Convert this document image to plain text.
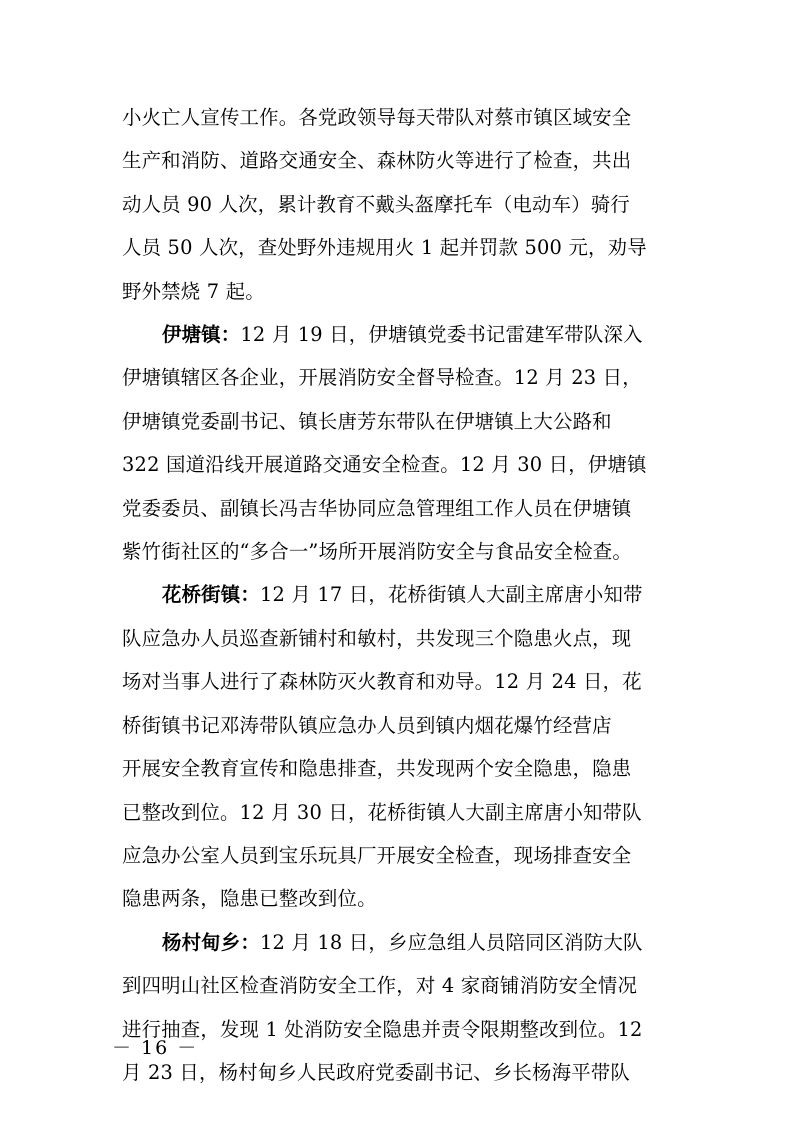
小火亡人宣传工作。各党政领导每天带队对蔡市镇区域安全
生产和消防、道路交通安全、森林防火等进行了检查，共出
动人员 90 人次，累计教育不戴头盔摩托车（电动车）骑行
人员 50 人次，查处野外违规用火 1 起并罚款 500 元，劝导
野外禁烧 7 起。

伊塘镇：12 月 19 日，伊塘镇党委书记雷建军带队深入
伊塘镇辖区各企业，开展消防安全督导检查。12 月 23 日，
伊塘镇党委副书记、镇长唐芳东带队在伊塘镇上大公路和
322 国道沿线开展道路交通安全检查。12 月 30 日，伊塘镇
党委委员、副镇长冯吉华协同应急管理组工作人员在伊塘镇
紫竹街社区的“多合一”场所开展消防安全与食品安全检查。

花桥街镇：12 月 17 日，花桥街镇人大副主席唐小知带
队应急办人员巡查新铺村和敏村，共发现三个隐患火点，现
场对当事人进行了森林防灭火教育和劝导。12 月 24 日，花
桥街镇书记邓涛带队镇应急办人员到镇内烟花爆竹经营店
开展安全教育宣传和隐患排查，共发现两个安全隐患，隐患
已整改到位。12 月 30 日，花桥街镇人大副主席唐小知带队
应急办公室人员到宝乐玩具厂开展安全检查，现场排查安全
隐患两条，隐患已整改到位。

杨村甸乡：12 月 18 日，乡应急组人员陪同区消防大队
到四明山社区检查消防安全工作，对 4 家商铺消防安全情况
进行抽查，发现 1 处消防安全隐患并责令限期整改到位。12
月 23 日，杨村甸乡人民政府党委副书记、乡长杨海平带队

－ 16 －
